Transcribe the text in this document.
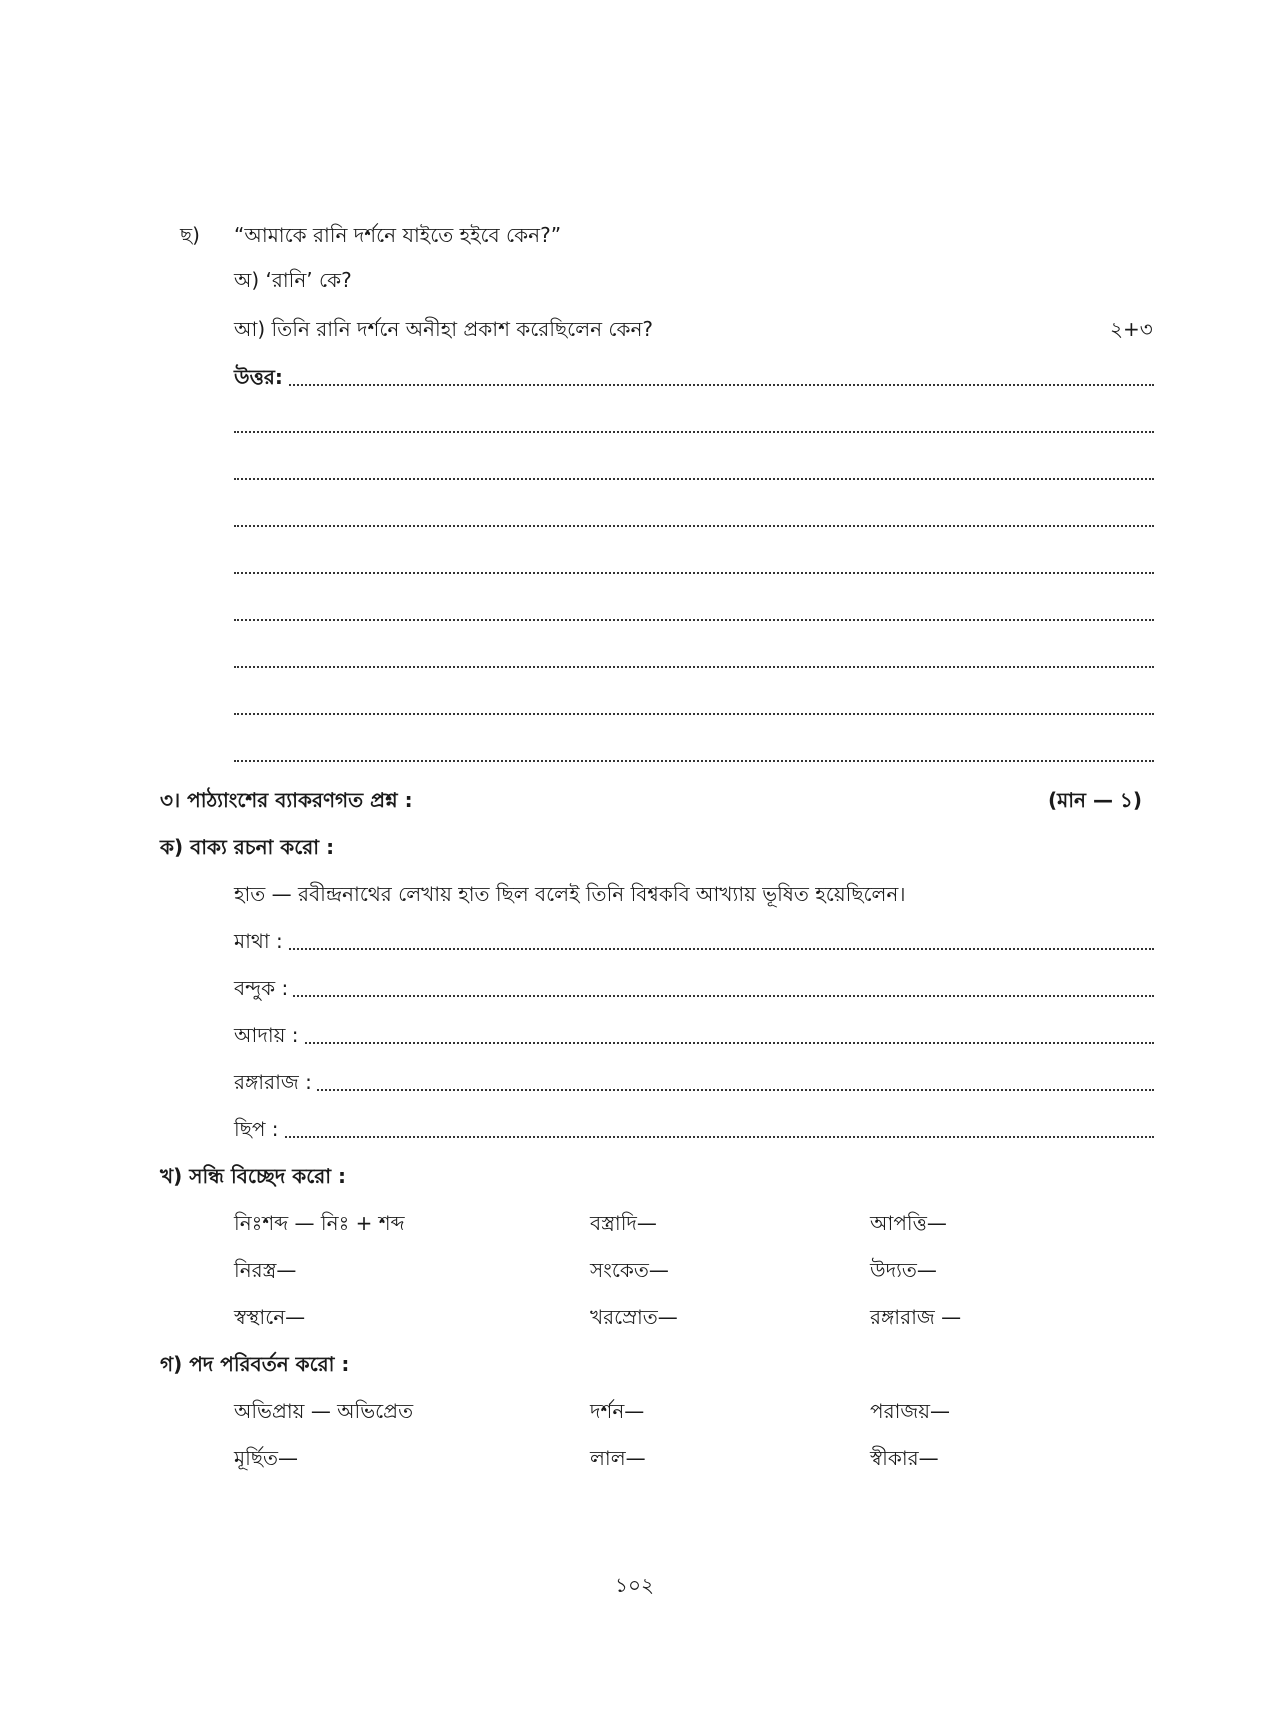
ছ) “আমাকে রানি দর্শনে যাইতে হইবে কেন?”
অ) ‘রানি’ কে?
আ) তিনি রানি দর্শনে অনীহা প্রকাশ করেছিলেন কেন?	২+৩
উত্তর:
৩। পাঠ্যাংশের ব্যাকরণগত প্রশ্ন :	(মান — ১)
ক) বাক্য রচনা করো :
হাত — রবীন্দ্রনাথের লেখায় হাত ছিল বলেই তিনি বিশ্বকবি আখ্যায় ভূষিত হয়েছিলেন।
মাথা :
বন্দুক :
আদায় :
রঙ্গারাজ :
ছিপ :
খ) সন্ধি বিচ্ছেদ করো :
নিঃশব্দ — নিঃ + শব্দ	বস্ত্রাদি—	আপত্তি—
নিরস্ত্র—	সংকেত—	উদ্যত—
স্বস্থানে—	খরস্রোত—	রঙ্গারাজ —
গ) পদ পরিবর্তন করো :
অভিপ্রায় — অভিপ্রেত	দর্শন—	পরাজয়—
মূর্ছিত—	লাল—	স্বীকার—
১০২
